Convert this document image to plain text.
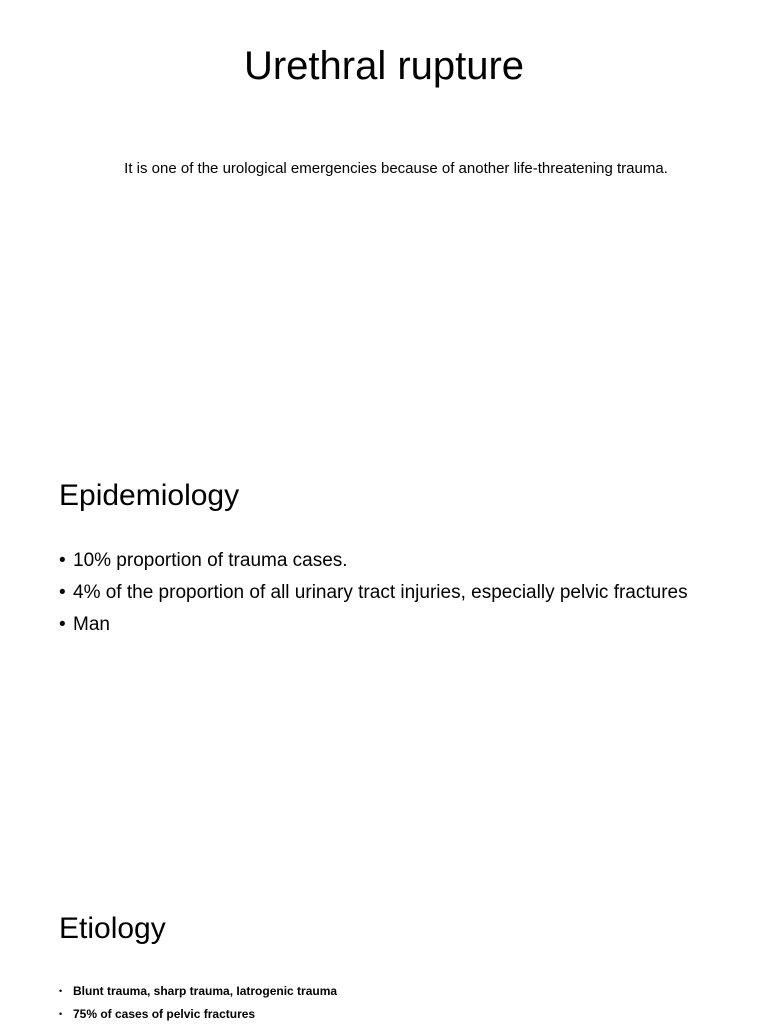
Urethral rupture

It is one of the urological emergencies because of another life-threatening trauma.

Epidemiology
• 10% proportion of trauma cases.
• 4% of the proportion of all urinary tract injuries, especially pelvic fractures
• Man
Etiology
• Blunt trauma, sharp trauma, Iatrogenic trauma
• 75% of cases of pelvic fractures
